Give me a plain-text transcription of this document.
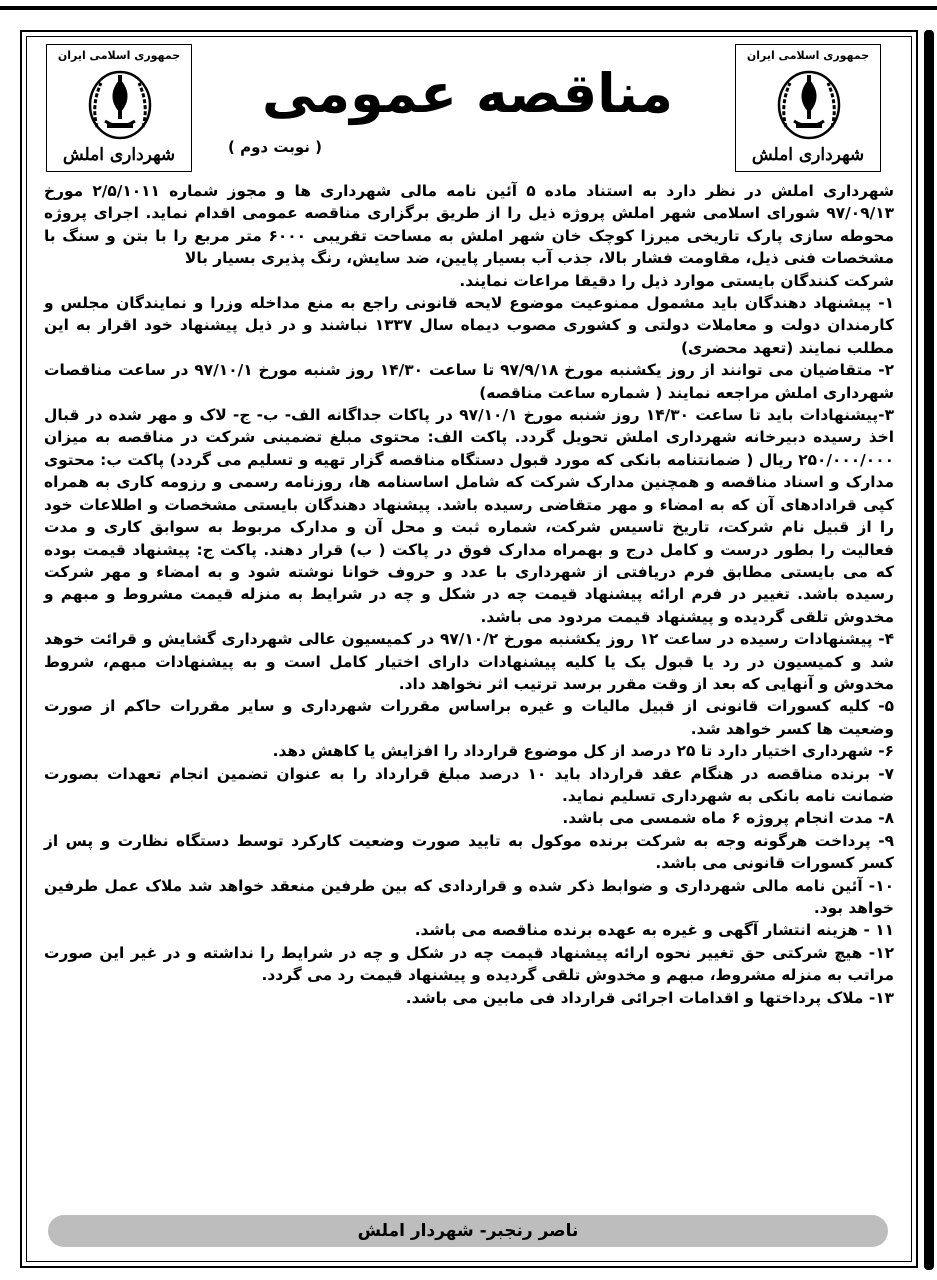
جمهوری اسلامی ایران
شهرداری املش
جمهوری اسلامی ایران
شهرداری املش
مناقصه عمومی
( نوبت دوم )

شهرداری املش در نظر دارد به استناد ماده ۵ آئین نامه مالی شهرداری ها و مجوز شماره ۲/۵/۱۰۱۱ مورخ ۹۷/۰۹/۱۳ شورای اسلامی شهر املش پروژه ذیل را از طریق برگزاری مناقصه عمومی اقدام نماید. اجرای پروژه محوطه سازی پارک تاریخی میرزا کوچک خان شهر املش به مساحت تقریبی ۶۰۰۰ متر مربع را با بتن و سنگ با مشخصات فنی ذیل، مقاومت فشار بالا، جذب آب بسیار پایین، ضد سایش، رنگ پذیری بسیار بالا

شرکت کنندگان بایستی موارد ذیل را دقیقا مراعات نمایند.

۱- پیشنهاد دهندگان باید مشمول ممنوعیت موضوع لایحه قانونی راجع به منع مداخله وزرا و نمایندگان مجلس و کارمندان دولت و معاملات دولتی و کشوری مصوب دیماه سال ۱۳۳۷ نباشند و در ذیل پیشنهاد خود اقرار به این مطلب نمایند (تعهد محضری)

۲- متقاضیان می توانند از روز یکشنبه مورخ ۹۷/۹/۱۸ تا ساعت ۱۴/۳۰ روز شنبه مورخ ۹۷/۱۰/۱ در ساعت مناقصات شهرداری املش مراجعه نمایند ( شماره ساعت مناقصه)

۳-پیشنهادات باید تا ساعت ۱۴/۳۰ روز شنبه مورخ ۹۷/۱۰/۱ در پاکات جداگانه الف- ب- ج- لاک و مهر شده در قبال اخذ رسیده دبیرخانه شهرداری املش تحویل گردد. پاکت الف: محتوی مبلغ تضمینی شرکت در مناقصه به میزان ۲۵۰/۰۰۰/۰۰۰ ریال ( ضمانتنامه بانکی که مورد قبول دستگاه مناقصه گزار تهیه و تسلیم می گردد) پاکت ب: محتوی مدارک و اسناد مناقصه و همچنین مدارک شرکت که شامل اساسنامه ها، روزنامه رسمی و رزومه کاری به همراه کپی قرادادهای آن که به امضاء و مهر متقاضی رسیده باشد. پیشنهاد دهندگان بایستی مشخصات و اطلاعات خود را از قبیل نام شرکت، تاریخ تاسیس شرکت، شماره ثبت و محل آن و مدارک مربوط به سوابق کاری و مدت فعالیت را بطور درست و کامل درج و بهمراه مدارک فوق در پاکت ( ب) قرار دهند. پاکت ج: پیشنهاد قیمت بوده که می بایستی مطابق فرم دریافتی از شهرداری با عدد و حروف خوانا نوشته شود و به امضاء و مهر شرکت رسیده باشد. تغییر در فرم ارائه پیشنهاد قیمت چه در شکل و چه در شرایط به منزله قیمت مشروط و مبهم و مخدوش تلقی گردیده و پیشنهاد قیمت مردود می باشد.

۴- پیشنهادات رسیده در ساعت ۱۲ روز یکشنبه مورخ ۹۷/۱۰/۲ در کمیسیون عالی شهرداری گشایش و قرائت خوهد شد و کمیسیون در رد یا قبول یک یا کلیه پیشنهادات دارای اختیار کامل است و به پیشنهادات مبهم، شروط مخدوش و آنهایی که بعد از وقت مقرر برسد ترتیب اثر نخواهد داد.

۵- کلیه کسورات قانونی از قبیل مالیات و غیره براساس مقررات شهرداری و سایر مقررات حاکم از صورت وضعیت ها کسر خواهد شد.

۶- شهرداری اختیار دارد تا ۲۵ درصد از کل موضوع قرارداد را افزایش یا کاهش دهد.

۷- برنده مناقصه در هنگام عقد قرارداد باید ۱۰ درصد مبلغ قرارداد را به عنوان تضمین انجام تعهدات بصورت ضمانت نامه بانکی به شهرداری تسلیم نماید.

۸- مدت انجام پروژه ۶ ماه شمسی می باشد.

۹- پرداخت هرگونه وجه به شرکت برنده موکول به تایید صورت وضعیت کارکرد توسط دستگاه نظارت و پس از کسر کسورات قانونی می باشد.

۱۰- آئین نامه مالی شهرداری و ضوابط ذکر شده و قراردادی که بین طرفین منعقد خواهد شد ملاک عمل طرفین خواهد بود.

۱۱ - هزینه انتشار آگهی و غیره به عهده برنده مناقصه می باشد.

۱۲- هیچ شرکتی حق تغییر نحوه ارائه پیشنهاد قیمت چه در شکل و چه در شرایط را نداشته و در غیر این صورت مراتب به منزله مشروط، مبهم و مخدوش تلقی گردیده و پیشنهاد قیمت رد می گردد.

۱۳- ملاک پرداختها و اقدامات اجرائی قرارداد فی مابین می باشد.

ناصر رنجبر- شهردار املش
